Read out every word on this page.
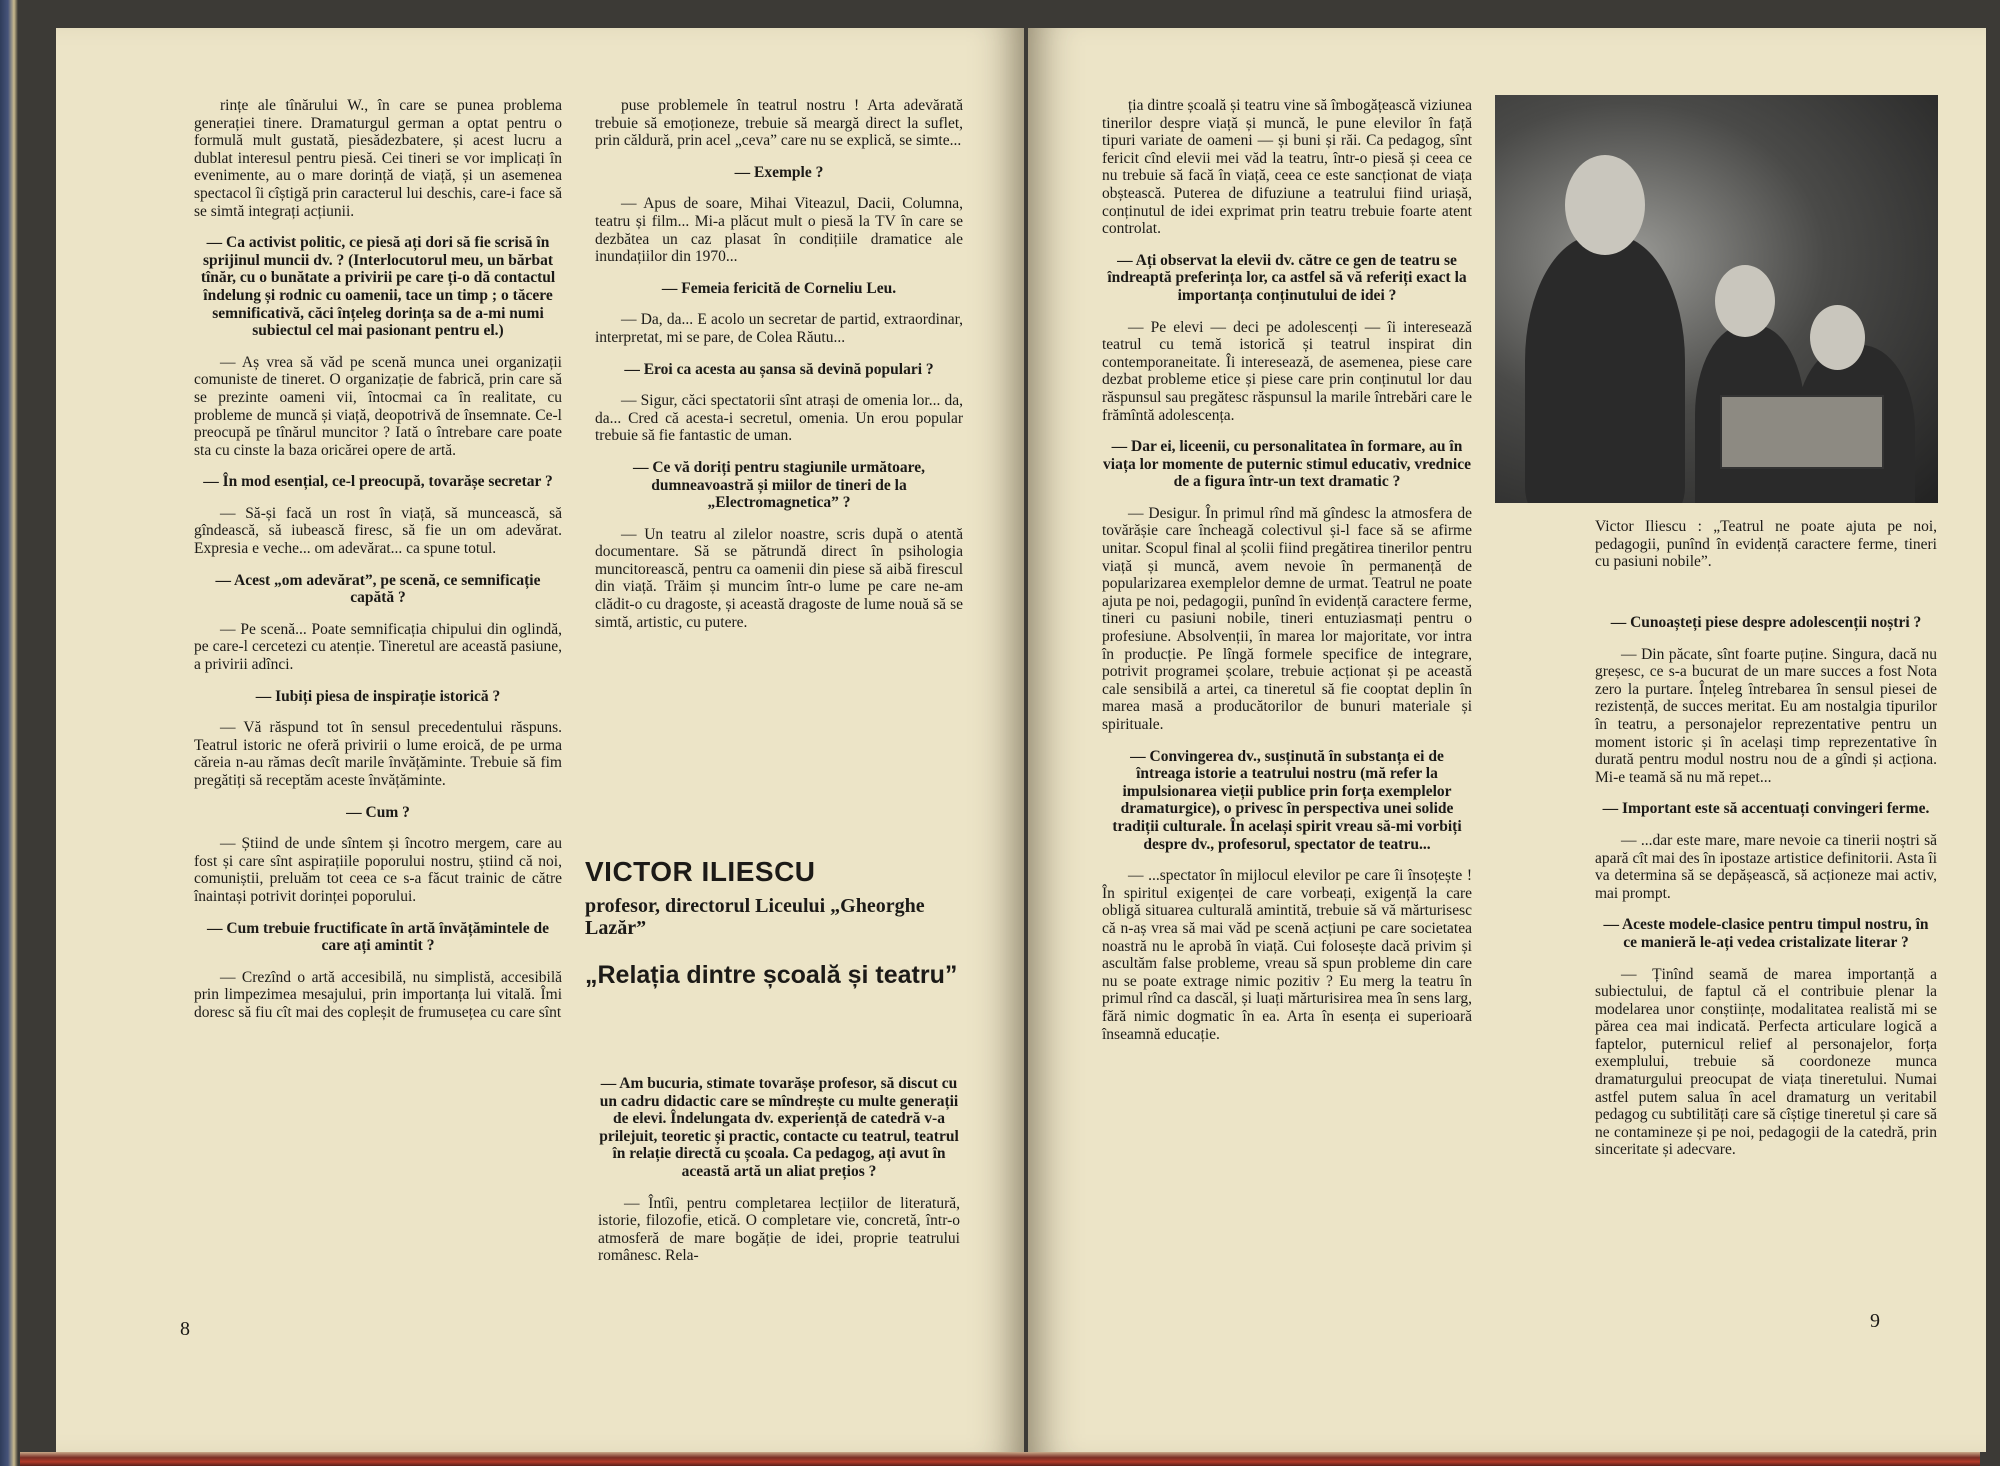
rințe ale tînărului W., în care se punea problema generației tinere. Dramaturgul german a optat pentru o formulă mult gustată, piesădezbatere, și acest lucru a dublat interesul pentru piesă. Cei tineri se vor implicați în evenimente, au o mare dorință de viață, și un asemenea spectacol îi cîștigă prin caracterul lui deschis, care-i face să se simtă integrați acțiunii.

— Ca activist politic, ce piesă ați dori să fie scrisă în sprijinul muncii dv. ? (Interlocutorul meu, un bărbat tînăr, cu o bunătate a privirii pe care ți-o dă contactul îndelung și rodnic cu oamenii, tace un timp ; o tăcere semnificativă, căci înțeleg dorința sa de a-mi numi subiectul cel mai pasionant pentru el.)

— Aș vrea să văd pe scenă munca unei organizații comuniste de tineret. O organizație de fabrică, prin care să se prezinte oameni vii, întocmai ca în realitate, cu probleme de muncă și viață, deopotrivă de însemnate. Ce-l preocupă pe tînărul muncitor ? Iată o întrebare care poate sta cu cinste la baza oricărei opere de artă.

— În mod esențial, ce-l preocupă, tovarășe secretar ?

— Să-și facă un rost în viață, să muncească, să gîndească, să iubească firesc, să fie un om adevărat. Expresia e veche... om adevărat... ca spune totul.

— Acest „om adevărat”, pe scenă, ce semnificație capătă ?

— Pe scenă... Poate semnificația chipului din oglindă, pe care-l cercetezi cu atenție. Tineretul are această pasiune, a privirii adînci.

— Iubiți piesa de inspirație istorică ?

— Vă răspund tot în sensul precedentului răspuns. Teatrul istoric ne oferă privirii o lume eroică, de pe urma căreia n-au rămas decît marile învățăminte. Trebuie să fim pregătiți să receptăm aceste învățăminte.

— Cum ?

— Știind de unde sîntem și încotro mergem, care au fost și care sînt aspirațiile poporului nostru, știind că noi, comuniștii, preluăm tot ceea ce s-a făcut trainic de către înaintași potrivit dorinței poporului.

— Cum trebuie fructificate în artă învățămintele de care ați amintit ?

— Crezînd o artă accesibilă, nu simplistă, accesibilă prin limpezimea mesajului, prin importanța lui vitală. Îmi doresc să fiu cît mai des copleșit de frumusețea cu care sînt

puse problemele în teatrul nostru ! Arta adevărată trebuie să emoționeze, trebuie să meargă direct la suflet, prin căldură, prin acel „ceva” care nu se explică, se simte...

— Exemple ?

— Apus de soare, Mihai Viteazul, Dacii, Columna, teatru și film... Mi-a plăcut mult o piesă la TV în care se dezbătea un caz plasat în condițiile dramatice ale inundațiilor din 1970...

— Femeia fericită de Corneliu Leu.

— Da, da... E acolo un secretar de partid, extraordinar, interpretat, mi se pare, de Colea Răutu...

— Eroi ca acesta au șansa să devină populari ?

— Sigur, căci spectatorii sînt atrași de omenia lor... da, da... Cred că acesta-i secretul, omenia. Un erou popular trebuie să fie fantastic de uman.

— Ce vă doriți pentru stagiunile următoare, dumneavoastră și miilor de tineri de la „Electromagnetica” ?

— Un teatru al zilelor noastre, scris după o atentă documentare. Să se pătrundă direct în psihologia muncitorească, pentru ca oamenii din piese să aibă firescul din viață. Trăim și muncim într-o lume pe care ne-am clădit-o cu dragoste, și această dragoste de lume nouă să se simtă, artistic, cu putere.

VICTOR ILIESCU
profesor, directorul Liceului „Gheorghe Lazăr”
„Relația dintre școală și teatru”

— Am bucuria, stimate tovarășe profesor, să discut cu un cadru didactic care se mîndrește cu multe generații de elevi. Îndelungata dv. experiență de catedră v-a prilejuit, teoretic și practic, contacte cu teatrul, teatrul în relație directă cu școala. Ca pedagog, ați avut în această artă un aliat prețios ?

— Întîi, pentru completarea lecțiilor de literatură, istorie, filozofie, etică. O completare vie, concretă, într-o atmosferă de mare bogăție de idei, proprie teatrului românesc. Rela-

8

ția dintre școală și teatru vine să îmbogățească viziunea tinerilor despre viață și muncă, le pune elevilor în față tipuri variate de oameni — și buni și răi. Ca pedagog, sînt fericit cînd elevii mei văd la teatru, într-o piesă și ceea ce nu trebuie să facă în viață, ceea ce este sancționat de viața obștească. Puterea de difuziune a teatrului fiind uriașă, conținutul de idei exprimat prin teatru trebuie foarte atent controlat.

— Ați observat la elevii dv. către ce gen de teatru se îndreaptă preferința lor, ca astfel să vă referiți exact la importanța conținutului de idei ?

— Pe elevi — deci pe adolescenți — îi interesează teatrul cu temă istorică și teatrul inspirat din contemporaneitate. Îi interesează, de asemenea, piese care dezbat probleme etice și piese care prin conținutul lor dau răspunsul sau pregătesc răspunsul la marile întrebări care le frămîntă adolescența.

— Dar ei, liceenii, cu personalitatea în formare, au în viața lor momente de puternic stimul educativ, vrednice de a figura într-un text dramatic ?

— Desigur. În primul rînd mă gîndesc la atmosfera de tovărășie care încheagă colectivul și-l face să se afirme unitar. Scopul final al școlii fiind pregătirea tinerilor pentru viață și muncă, avem nevoie în permanență de popularizarea exemplelor demne de urmat. Teatrul ne poate ajuta pe noi, pedagogii, punînd în evidență caractere ferme, tineri cu pasiuni nobile, tineri entuziasmați pentru o profesiune. Absolvenții, în marea lor majoritate, vor intra în producție. Pe lîngă formele specifice de integrare, potrivit programei școlare, trebuie acționat și pe această cale sensibilă a artei, ca tineretul să fie cooptat deplin în marea masă a producătorilor de bunuri materiale și spirituale.

— Convingerea dv., susținută în substanța ei de întreaga istorie a teatrului nostru (mă refer la impulsionarea vieții publice prin forța exemplelor dramaturgice), o privesc în perspectiva unei solide tradiții culturale. În același spirit vreau să-mi vorbiți despre dv., profesorul, spectator de teatru...

— ...spectator în mijlocul elevilor pe care îi însoțește ! În spiritul exigenței de care vorbeați, exigență la care obligă situarea culturală amintită, trebuie să vă mărturisesc că n-aș vrea să mai văd pe scenă acțiuni pe care societatea noastră nu le aprobă în viață. Cui folosește dacă privim și ascultăm false probleme, vreau să spun probleme din care nu se poate extrage nimic pozitiv ? Eu merg la teatru în primul rînd ca dascăl, și luați mărturisirea mea în sens larg, fără nimic dogmatic în ea. Arta în esența ei superioară înseamnă educație.

Victor Iliescu : „Teatrul ne poate ajuta pe noi, pedagogii, punînd în evidență caractere ferme, tineri cu pasiuni nobile”.

— Cunoașteți piese despre adolescenții noștri ?

— Din păcate, sînt foarte puține. Singura, dacă nu greșesc, ce s-a bucurat de un mare succes a fost Nota zero la purtare. Înțeleg întrebarea în sensul piesei de rezistență, de succes meritat. Eu am nostalgia tipurilor în teatru, a personajelor reprezentative pentru un moment istoric și în același timp reprezentative în durată pentru modul nostru nou de a gîndi și acționa. Mi-e teamă să nu mă repet...

— Important este să accentuați convingeri ferme.

— ...dar este mare, mare nevoie ca tinerii noștri să apară cît mai des în ipostaze artistice definitorii. Asta îi va determina să se depășească, să acționeze mai activ, mai prompt.

— Aceste modele-clasice pentru timpul nostru, în ce manieră le-ați vedea cristalizate literar ?

— Ținînd seamă de marea importanță a subiectului, de faptul că el contribuie plenar la modelarea unor conștiințe, modalitatea realistă mi se părea cea mai indicată. Perfecta articulare logică a faptelor, puternicul relief al personajelor, forța exemplului, trebuie să coordoneze munca dramaturgului preocupat de viața tineretului. Numai astfel putem salua în acel dramaturg un veritabil pedagog cu subtilități care să cîștige tineretul și care să ne contamineze și pe noi, pedagogii de la catedră, prin sinceritate și adecvare.

9
